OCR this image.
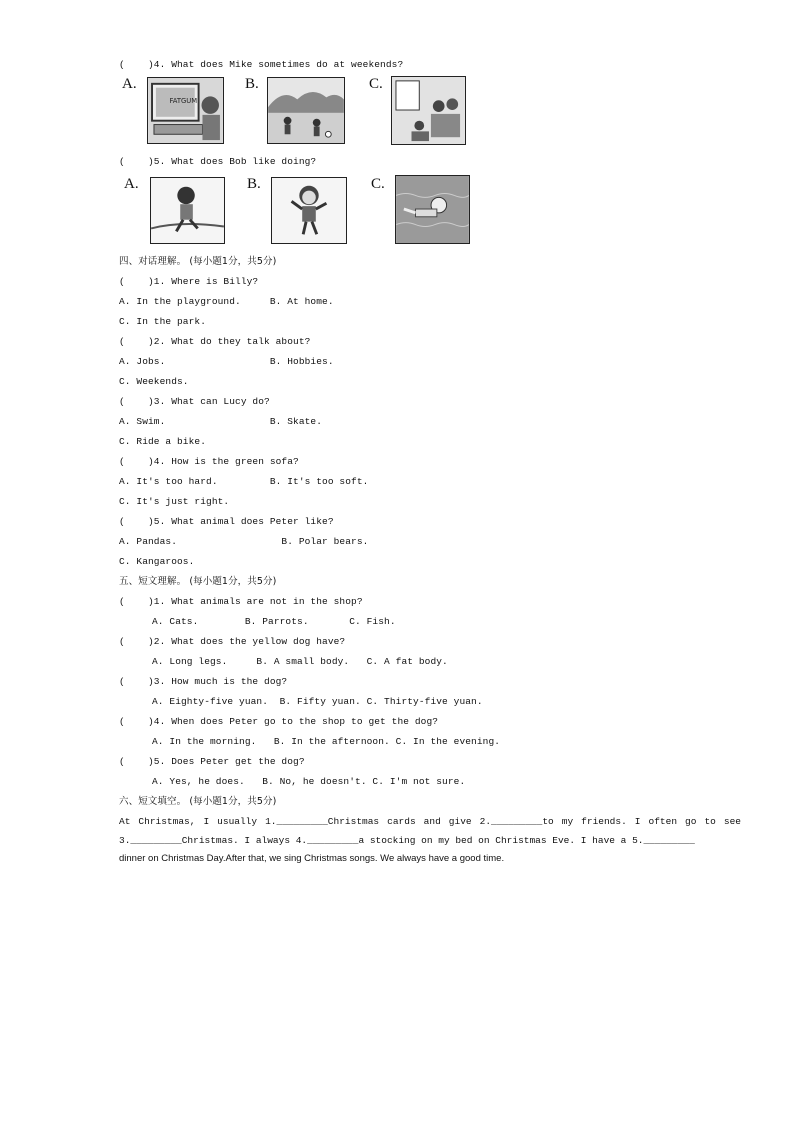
(    )4. What does Mike sometimes do at weekends?
A.
FATGUM
B.	C.
(    )5. What does Bob like doing?
A.	B.	C.
四、对话理解。 (每小题1分，共5分)
(    )1. Where is Billy?
A. In the playground.     B. At home.
C. In the park.
(    )2. What do they talk about?
A. Jobs.                  B. Hobbies.
C. Weekends.
(    )3. What can Lucy do?
A. Swim.                  B. Skate.
C. Ride a bike.
(    )4. How is the green sofa?
A. It's too hard.         B. It's too soft.
C. It's just right.
(    )5. What animal does Peter like?
A. Pandas.                  B. Polar bears.
C. Kangaroos.
五、短文理解。 (每小题1分，共5分)
(    )1. What animals are not in the shop?
A. Cats.        B. Parrots.       C. Fish.
(    )2. What does the yellow dog have?
A. Long legs.     B. A small body.   C. A fat body.
(    )3. How much is the dog?
A. Eighty-five yuan.  B. Fifty yuan. C. Thirty-five yuan.
(    )4. When does Peter go to the shop to get the dog?
A. In the morning.   B. In the afternoon. C. In the evening.
(    )5. Does Peter get the dog?
A. Yes, he does.   B. No, he doesn't. C. I'm not sure.
六、短文填空。 (每小题1分，共5分)
At Christmas, I usually 1._________Christmas cards and give 2._________to my friends. I often go to see 3._________Christmas. I always 4._________a stocking on my bed on Christmas Eve. I have a 5._________
dinner on Christmas Day.After that, we sing Christmas songs. We always have a good time.
